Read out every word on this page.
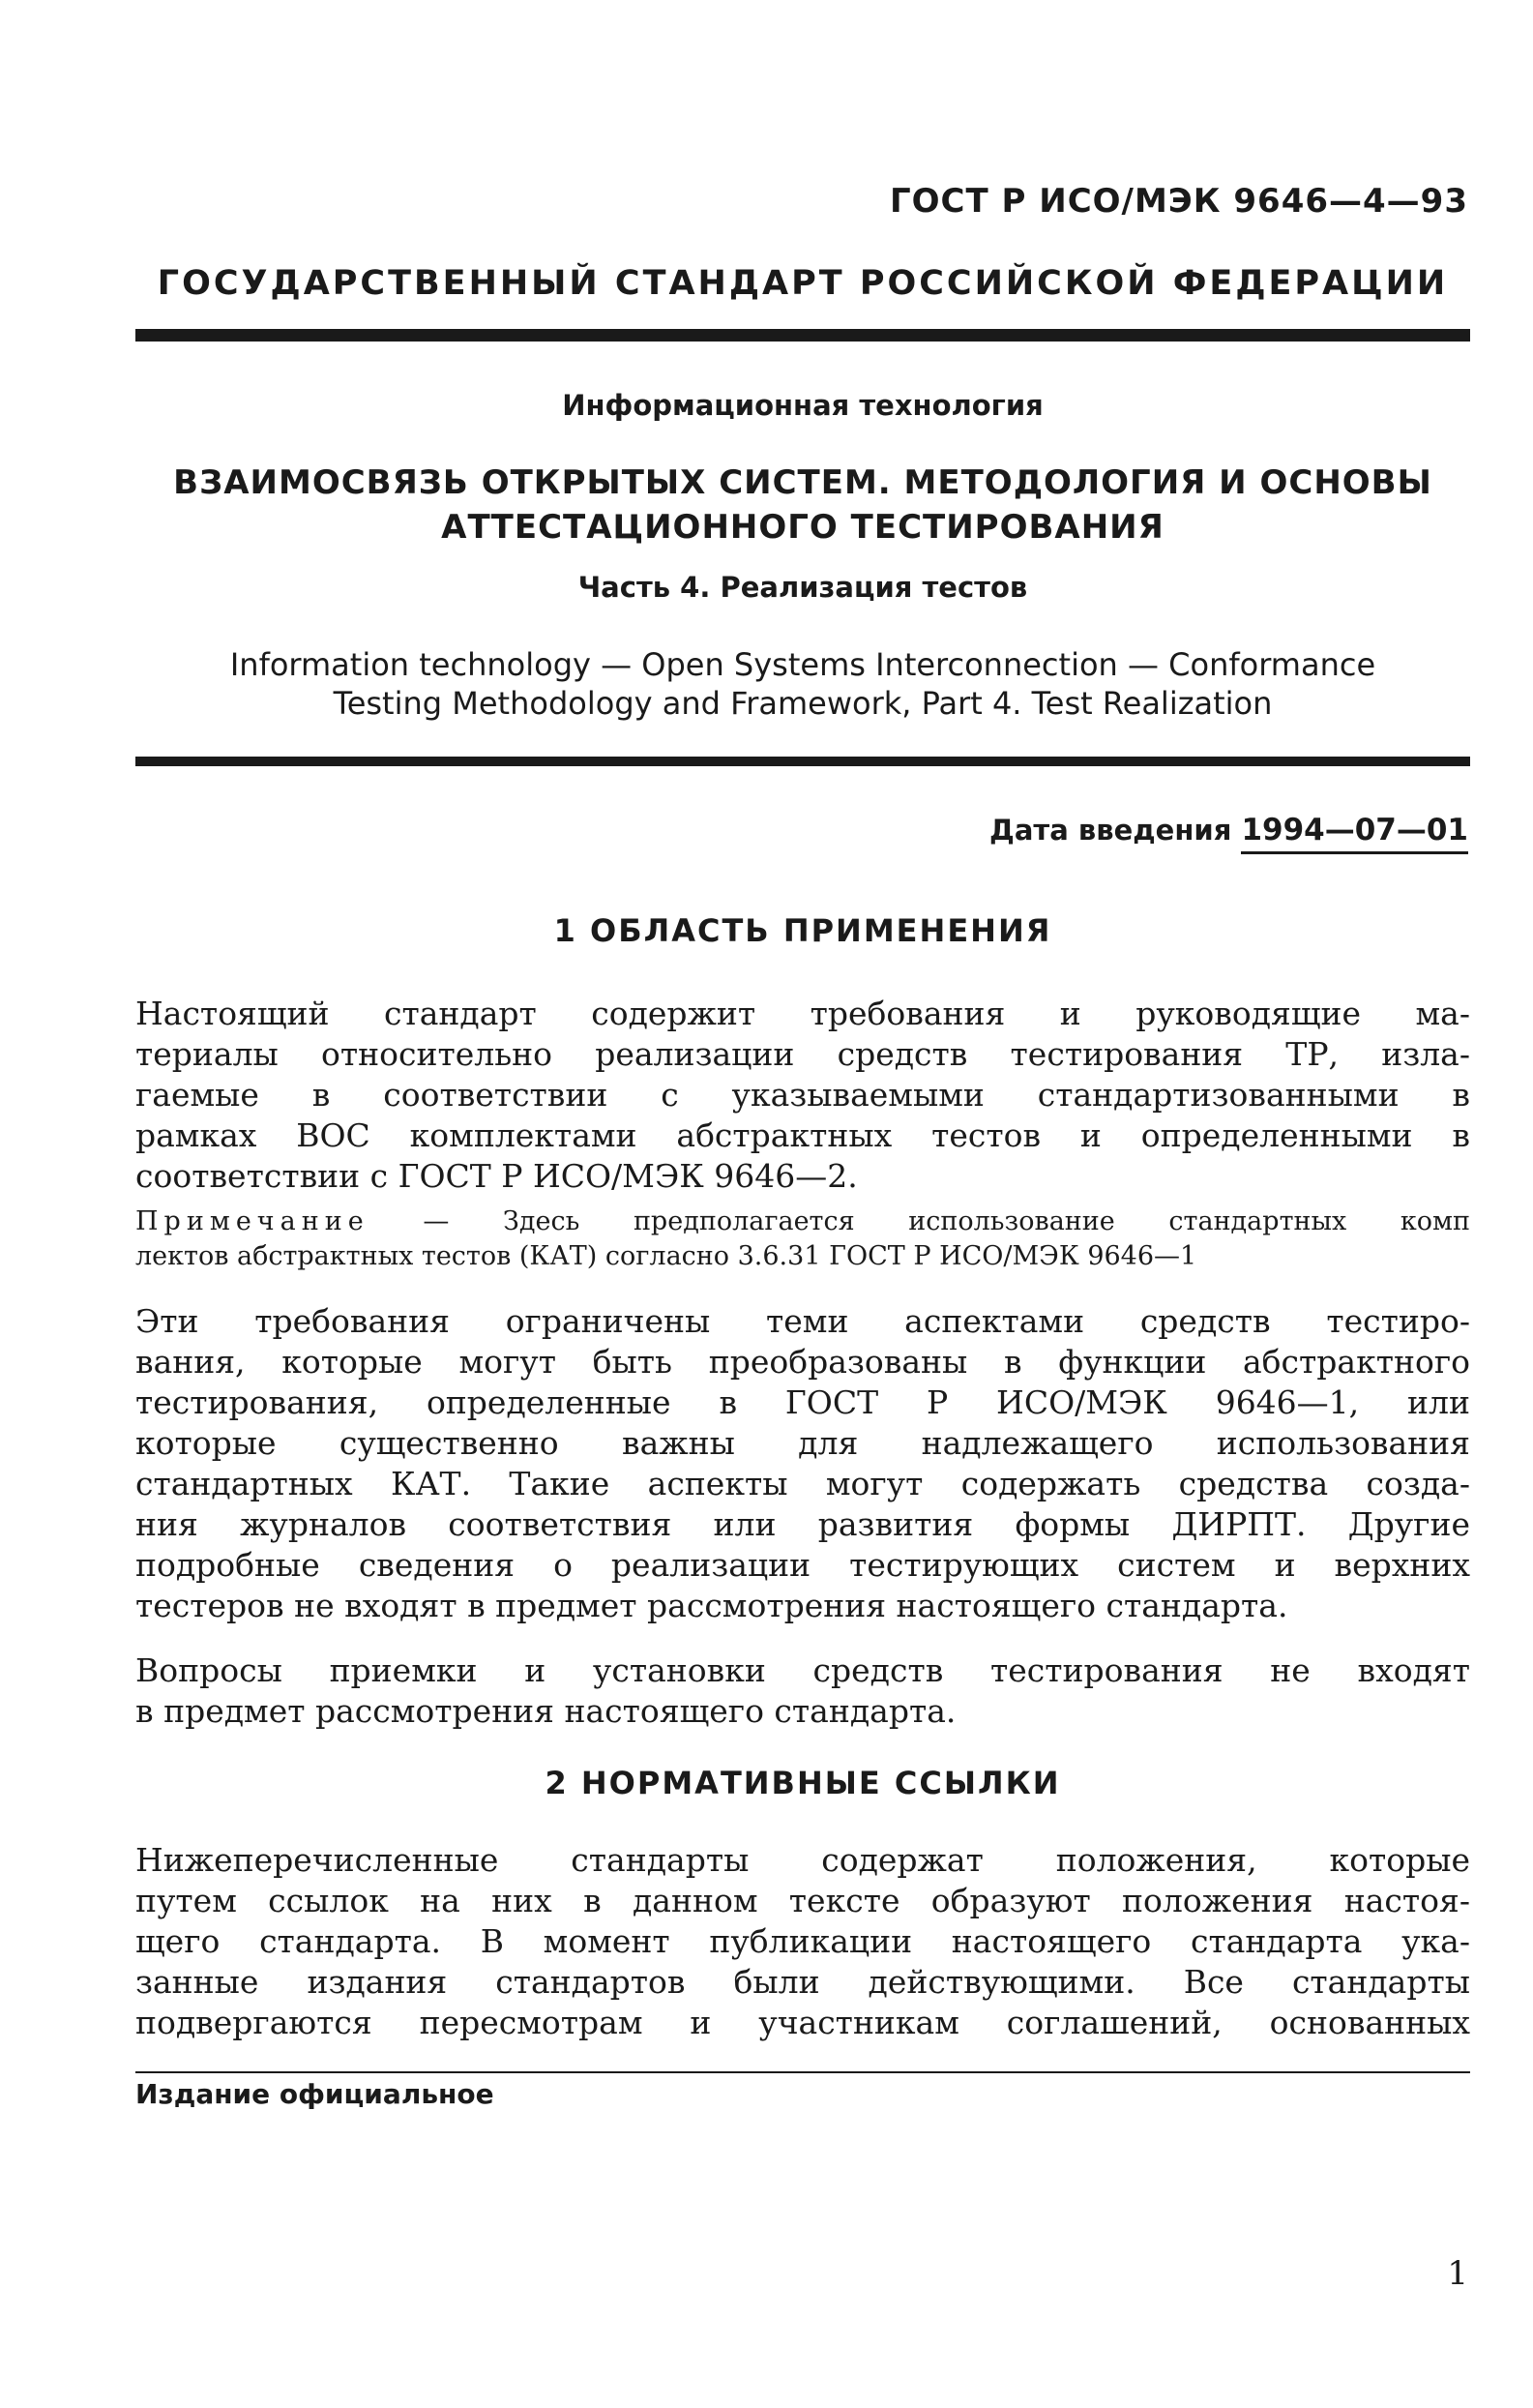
ГОСТ Р ИСО/МЭК 9646—4—93
ГОСУДАРСТВЕННЫЙ СТАНДАРТ РОССИЙСКОЙ ФЕДЕРАЦИИ
Информационная технология
ВЗАИМОСВЯЗЬ ОТКРЫТЫХ СИСТЕМ. МЕТОДОЛОГИЯ И ОСНОВЫ
АТТЕСТАЦИОННОГО ТЕСТИРОВАНИЯ
Часть 4. Реализация тестов
Information technology — Open Systems Interconnection — Conformance
Testing Methodology and Framework, Part 4. Test Realization
Дата введения 1994—07—01
1 ОБЛАСТЬ ПРИМЕНЕНИЯ
Настоящий стандарт содержит требования и руководящие ма-
териалы относительно реализации средств тестирования ТР, изла-
гаемые в соответствии с указываемыми стандартизованными в
рамках ВОС комплектами абстрактных тестов и определенными в
соответствии с ГОСТ Р ИСО/МЭК 9646—2.
Примечание — Здесь предполагается использование стандартных комп
лектов абстрактных тестов (КАТ) согласно 3.6.31 ГОСТ Р ИСО/МЭК 9646—1
Эти требования ограничены теми аспектами средств тестиро-
вания, которые могут быть преобразованы в функции абстрактного
тестирования, определенные в ГОСТ Р ИСО/МЭК 9646—1, или
которые существенно важны для надлежащего использования
стандартных КАТ. Такие аспекты могут содержать средства созда-
ния журналов соответствия или развития формы ДИРПТ. Другие
подробные сведения о реализации тестирующих систем и верхних
тестеров не входят в предмет рассмотрения настоящего стандарта.
Вопросы приемки и установки средств тестирования не входят
в предмет рассмотрения настоящего стандарта.
2 НОРМАТИВНЫЕ ССЫЛКИ
Нижеперечисленные стандарты содержат положения, которые
путем ссылок на них в данном тексте образуют положения настоя-
щего стандарта. В момент публикации настоящего стандарта ука-
занные издания стандартов были действующими. Все стандарты
подвергаются пересмотрам и участникам соглашений, основанных
Издание официальное
1
